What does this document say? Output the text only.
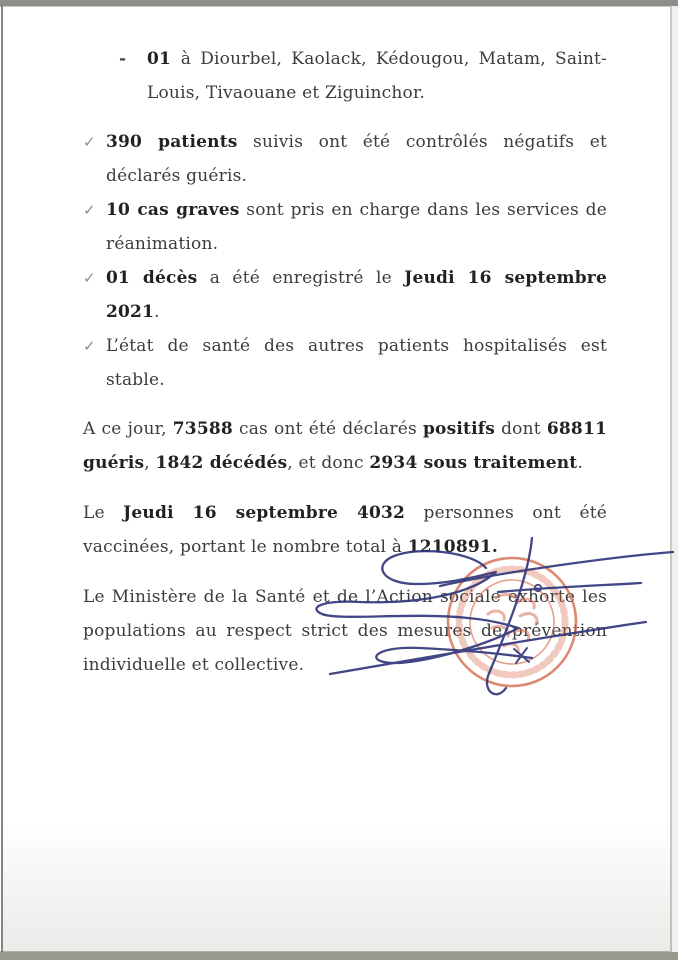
-	01 à Diourbel, Kaolack, Kédougou, Matam, Saint-Louis, Tivaouane et Ziguinchor.
✓ 390 patients suivis ont été contrôlés négatifs et déclarés guéris.
✓ 10 cas graves sont pris en charge dans les services de réanimation.
✓ 01 décès a été enregistré le Jeudi 16 septembre 2021.
✓ L’état de santé des autres patients hospitalisés est stable.

A ce jour, 73588 cas ont été déclarés positifs dont 68811 guéris, 1842 décédés, et donc 2934 sous traitement.

Le Jeudi 16 septembre 4032 personnes ont été vaccinées, portant le nombre total à 1210891.

Le Ministère de la Santé et de l’Action sociale exhorte les populations au respect strict des mesures de prévention individuelle et collective.
